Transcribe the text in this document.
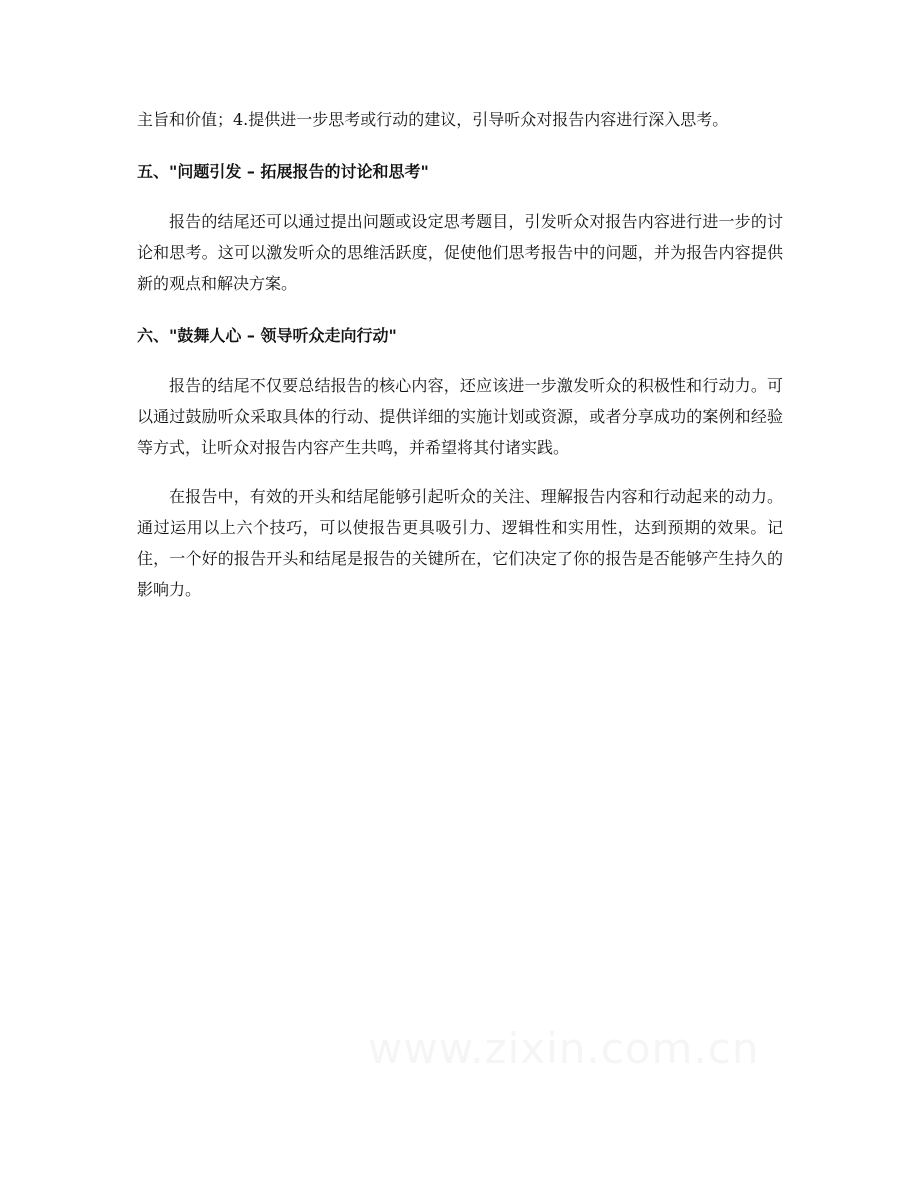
主旨和价值；4.提供进一步思考或行动的建议，引导听众对报告内容进行深入思考。

五、"问题引发 – 拓展报告的讨论和思考"

报告的结尾还可以通过提出问题或设定思考题目，引发听众对报告内容进行进一步的讨论和思考。这可以激发听众的思维活跃度，促使他们思考报告中的问题，并为报告内容提供新的观点和解决方案。

六、"鼓舞人心 – 领导听众走向行动"

报告的结尾不仅要总结报告的核心内容，还应该进一步激发听众的积极性和行动力。可以通过鼓励听众采取具体的行动、提供详细的实施计划或资源，或者分享成功的案例和经验等方式，让听众对报告内容产生共鸣，并希望将其付诸实践。

在报告中，有效的开头和结尾能够引起听众的关注、理解报告内容和行动起来的动力。通过运用以上六个技巧，可以使报告更具吸引力、逻辑性和实用性，达到预期的效果。记住，一个好的报告开头和结尾是报告的关键所在，它们决定了你的报告是否能够产生持久的影响力。

www.zixin.com.cn
